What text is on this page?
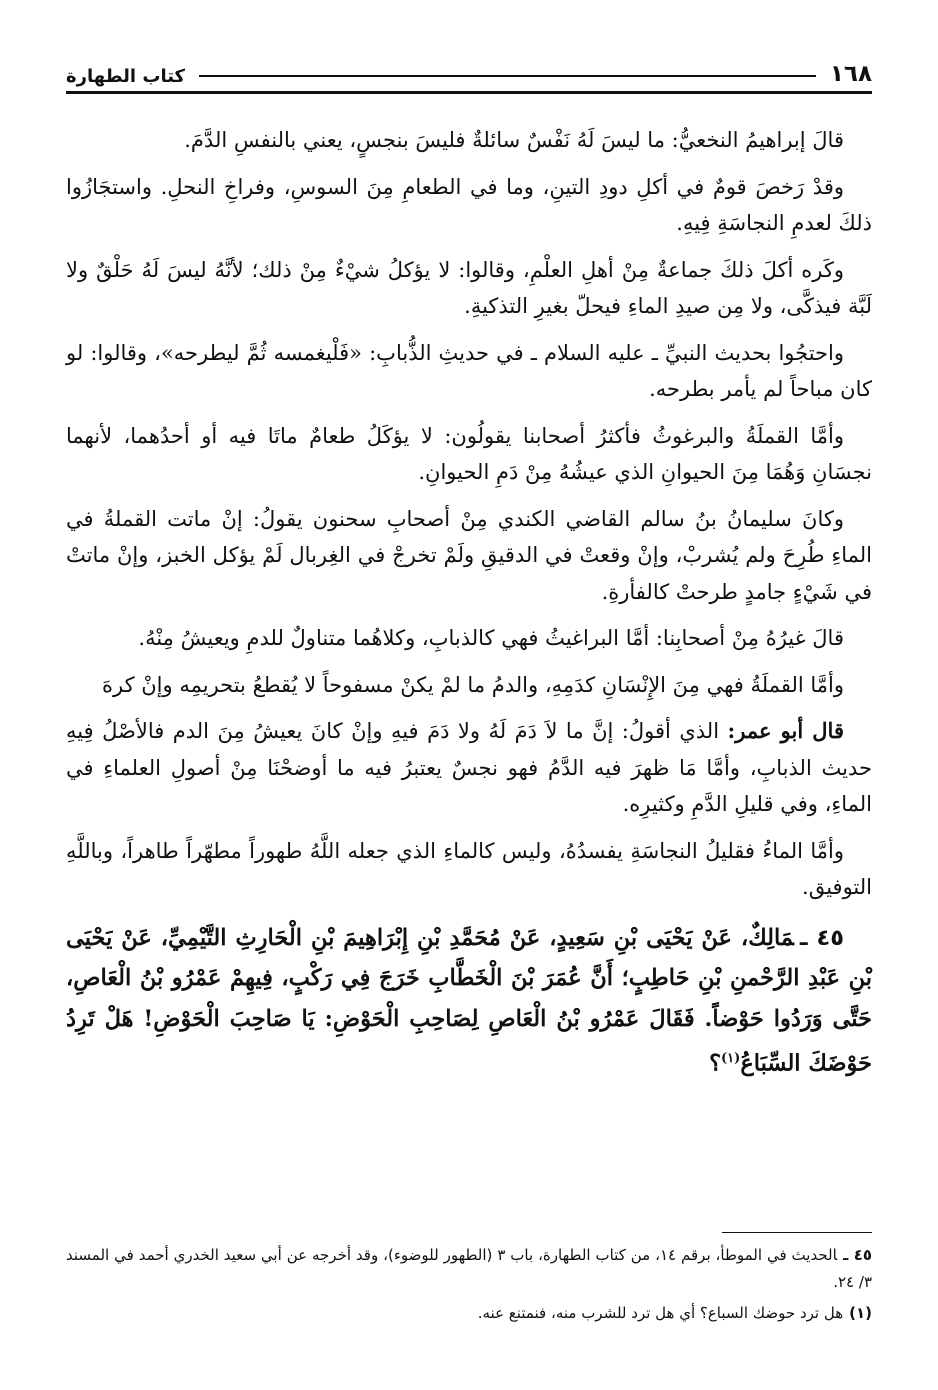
١٦٨
كتاب الطهارة

قالَ إبراهيمُ النخعيُّ: ما ليسَ لَهُ نَفْسٌ سائلةٌ فليسَ بنجسٍ، يعني بالنفسِ الدَّمَ.

وقدْ رَخصَ قومٌ في أكلِ دودِ التينِ، وما في الطعامِ مِنَ السوسِ، وفراخِ النحلِ. واستجَازُوا ذلكَ لعدمِ النجاسَةِ فِيهِ.

وكَره أكلَ ذلكَ جماعةٌ مِنْ أهلِ العلْمِ، وقالوا: لا يؤكلُ شيْءٌ مِنْ ذلك؛ لأنَّهُ ليسَ لَهُ حَلْقٌ ولا لَبَّة فيذكَّى، ولا مِن صيدِ الماءِ فيحلّ بغيرِ التذكيةِ.

واحتجُوا بحديث النبيِّ ـ عليه السلام ـ في حديثِ الذُّبابِ: «فَلْيغمسه ثُمَّ ليطرحه»، وقالوا: لو كان مباحاً لم يأمر بطرحه.

وأمَّا القملَةُ والبرغوثُ فأكثرُ أصحابنا يقولُون: لا يؤكَلُ طعامٌ ماتَا فيه أو أحدُهما، لأنهما نجسَانِ وَهُمَا مِنَ الحيوانِ الذي عيشُهُ مِنْ دَمِ الحيوانِ.

وكانَ سليمانُ بنُ سالم القاضي الكندي مِنْ أصحابِ سحنون يقولُ: إنْ ماتت القملةُ في الماءِ طُرِحَ ولم يُشربْ، وإنْ وقعتْ في الدقيقِ ولَمْ تخرجْ في الغِربال لَمْ يؤكل الخبز، وإنْ ماتتْ في شَيْءٍ جامدٍ طرحتْ كالفأرةِ.

قالَ غيرُهُ مِنْ أصحابِنا: أمَّا البراغيثُ فهي كالذبابِ، وكلاهُما متناولٌ للدمِ ويعيشُ مِنْهُ.

وأمَّا القملَةُ فهي مِنَ الإِنْسَانِ كدَمِهِ، والدمُ ما لمْ يكنْ مسفوحاً لا يُقطعُ بتحريمِه وإنْ كرهَ

قال أبو عمر: الذي أقولُ: إنَّ ما لاَ دَمَ لَهُ ولا دَمَ فيهِ وإنْ كانَ يعيشُ مِنَ الدم فالأصْلُ فِيهِ حديث الذبابِ، وأمَّا مَا ظهرَ فيه الدَّمُ فهو نجسٌ يعتبرُ فيه ما أوضحْنَا مِنْ أصولِ العلماءِ في الماءِ، وفي قليلِ الدَّمِ وكثيرِه.

وأمَّا الماءُ فقليلُ النجاسَةِ يفسدُهُ، وليس كالماءِ الذي جعله اللَّهُ طهوراً مطهّراً طاهراً، وباللَّهِ التوفيق.

٤٥ ـمَالِكٌ، عَنْ يَحْيَى بْنِ سَعِيدٍ، عَنْ مُحَمَّدِ بْنِ إِبْرَاهِيمَ بْنِ الْحَارِثِ التَّيْمِيِّ، عَنْ يَحْيَى بْنِ عَبْدِ الرَّحْمنِ بْنِ حَاطِبٍ؛ أَنَّ عُمَرَ بْنَ الْخَطَّابِ خَرَجَ فِي رَكْبٍ، فِيهِمْ عَمْرُو بْنُ الْعَاصِ، حَتَّى وَرَدُوا حَوْضاً. فَقَالَ عَمْرُو بْنُ الْعَاصِ لِصَاحِبِ الْحَوْضِ: يَا صَاحِبَ الْحَوْضِ! هَلْ تَرِدُ حَوْضَكَ السِّبَاعُ$^{(١)}$؟

٤٥ ـالحديث في الموطأ، برقم ١٤، من كتاب الطهارة، باب ٣ (الطهور للوضوء)، وقد أخرجه عن أبي سعيد الخدري أحمد في المسند ٣/ ٢٤.

(١)هل ترد حوضك السباع؟ أي هل ترد للشرب منه، فنمتنع عنه.
